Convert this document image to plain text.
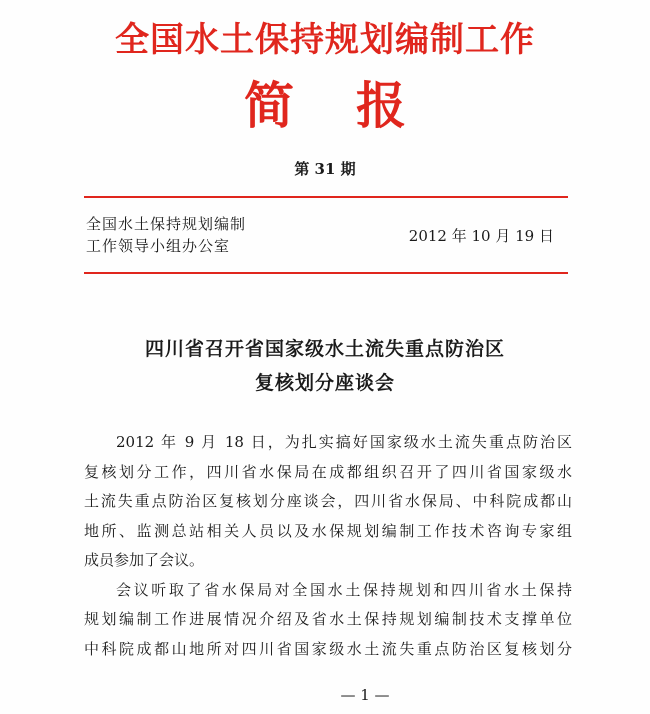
全国水土保持规划编制工作
简 报
第 31 期
全国水土保持规划编制
工作领导小组办公室
2012 年 10 月 19 日
四川省召开省国家级水土流失重点防治区
复核划分座谈会
2012 年 9 月 18 日，为扎实搞好国家级水土流失重点防治区
复核划分工作，四川省水保局在成都组织召开了四川省国家级水
土流失重点防治区复核划分座谈会，四川省水保局、中科院成都山
地所、监测总站相关人员以及水保规划编制工作技术咨询专家组
成员参加了会议。
会议听取了省水保局对全国水土保持规划和四川省水土保持
规划编制工作进展情况介绍及省水土保持规划编制技术支撑单位
中科院成都山地所对四川省国家级水土流失重点防治区复核划分
— 1 —
